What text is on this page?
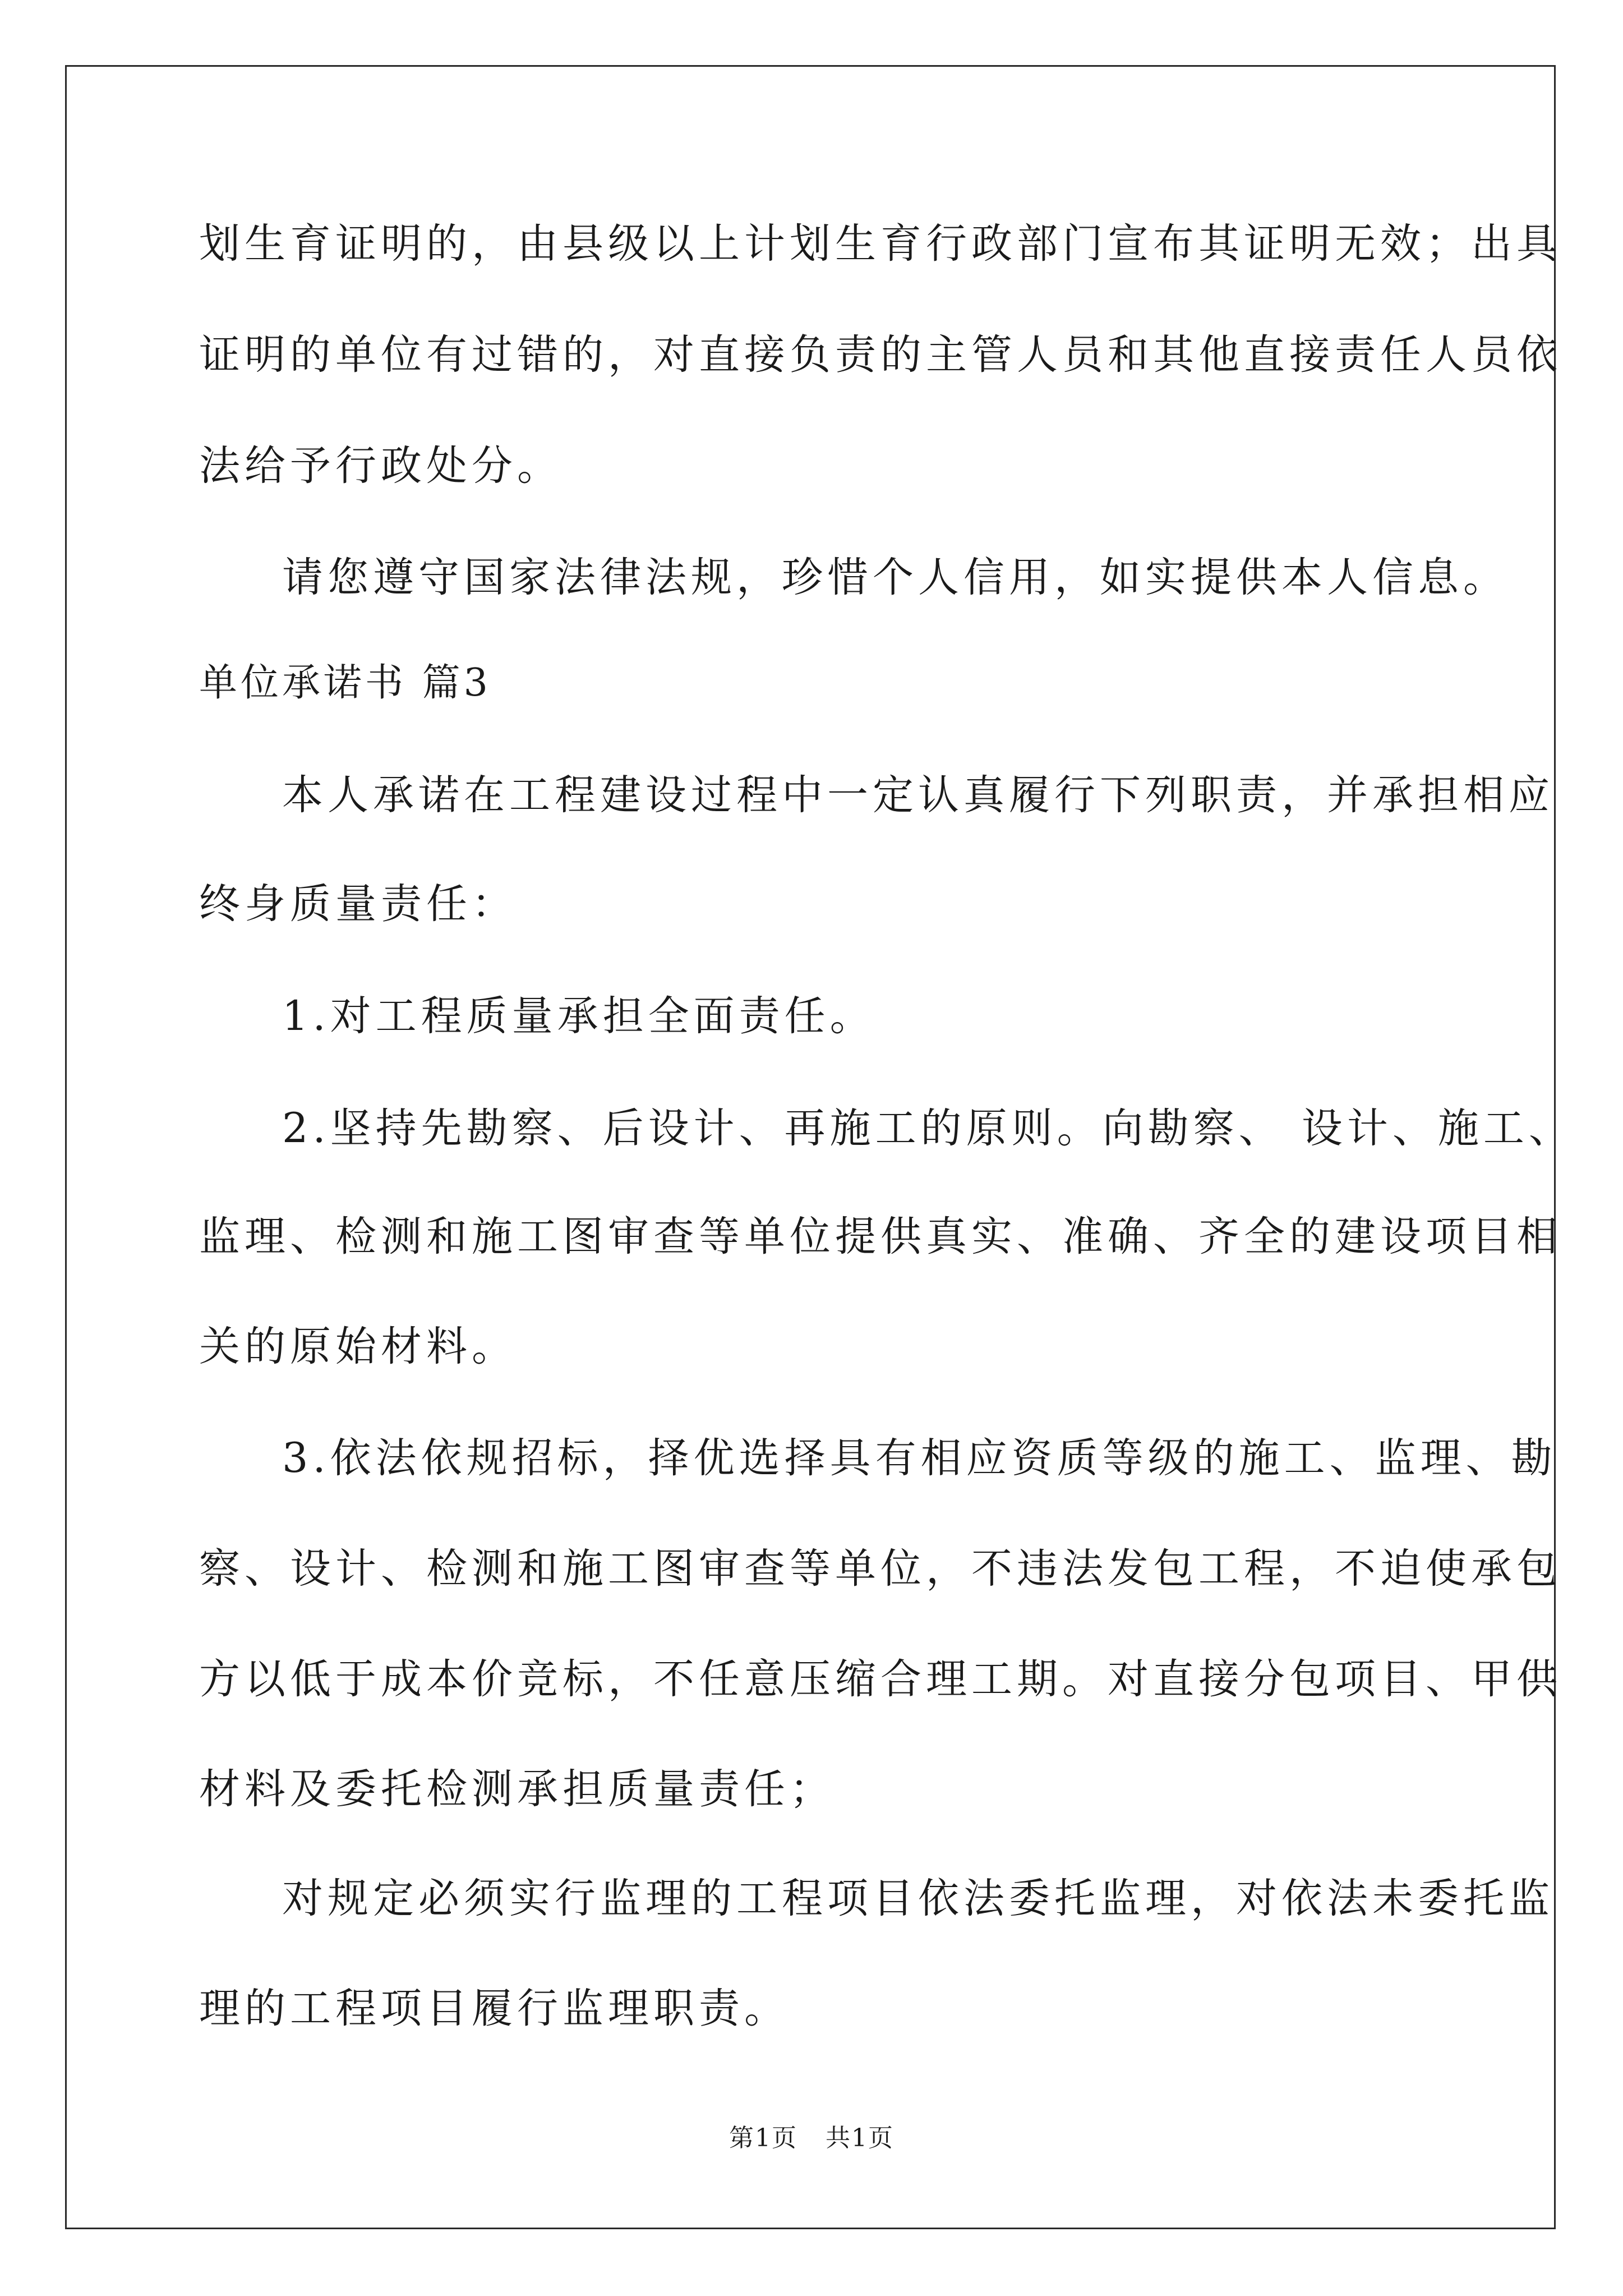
划生育证明的，由县级以上计划生育行政部门宣布其证明无效；出具
证明的单位有过错的，对直接负责的主管人员和其他直接责任人员依
法给予行政处分。
请您遵守国家法律法规，珍惜个人信用，如实提供本人信息。
单位承诺书 篇3
本人承诺在工程建设过程中一定认真履行下列职责，并承担相应
终身质量责任：
1.对工程质量承担全面责任。
2.坚持先勘察、后设计、再施工的原则。向勘察、 设计、施工、
监理、检测和施工图审查等单位提供真实、准确、齐全的建设项目相
关的原始材料。
3.依法依规招标，择优选择具有相应资质等级的施工、监理、勘
察、设计、检测和施工图审查等单位，不违法发包工程，不迫使承包
方以低于成本价竞标，不任意压缩合理工期。对直接分包项目、甲供
材料及委托检测承担质量责任；
对规定必须实行监理的工程项目依法委托监理，对依法未委托监
理的工程项目履行监理职责。
第1页 共1页
